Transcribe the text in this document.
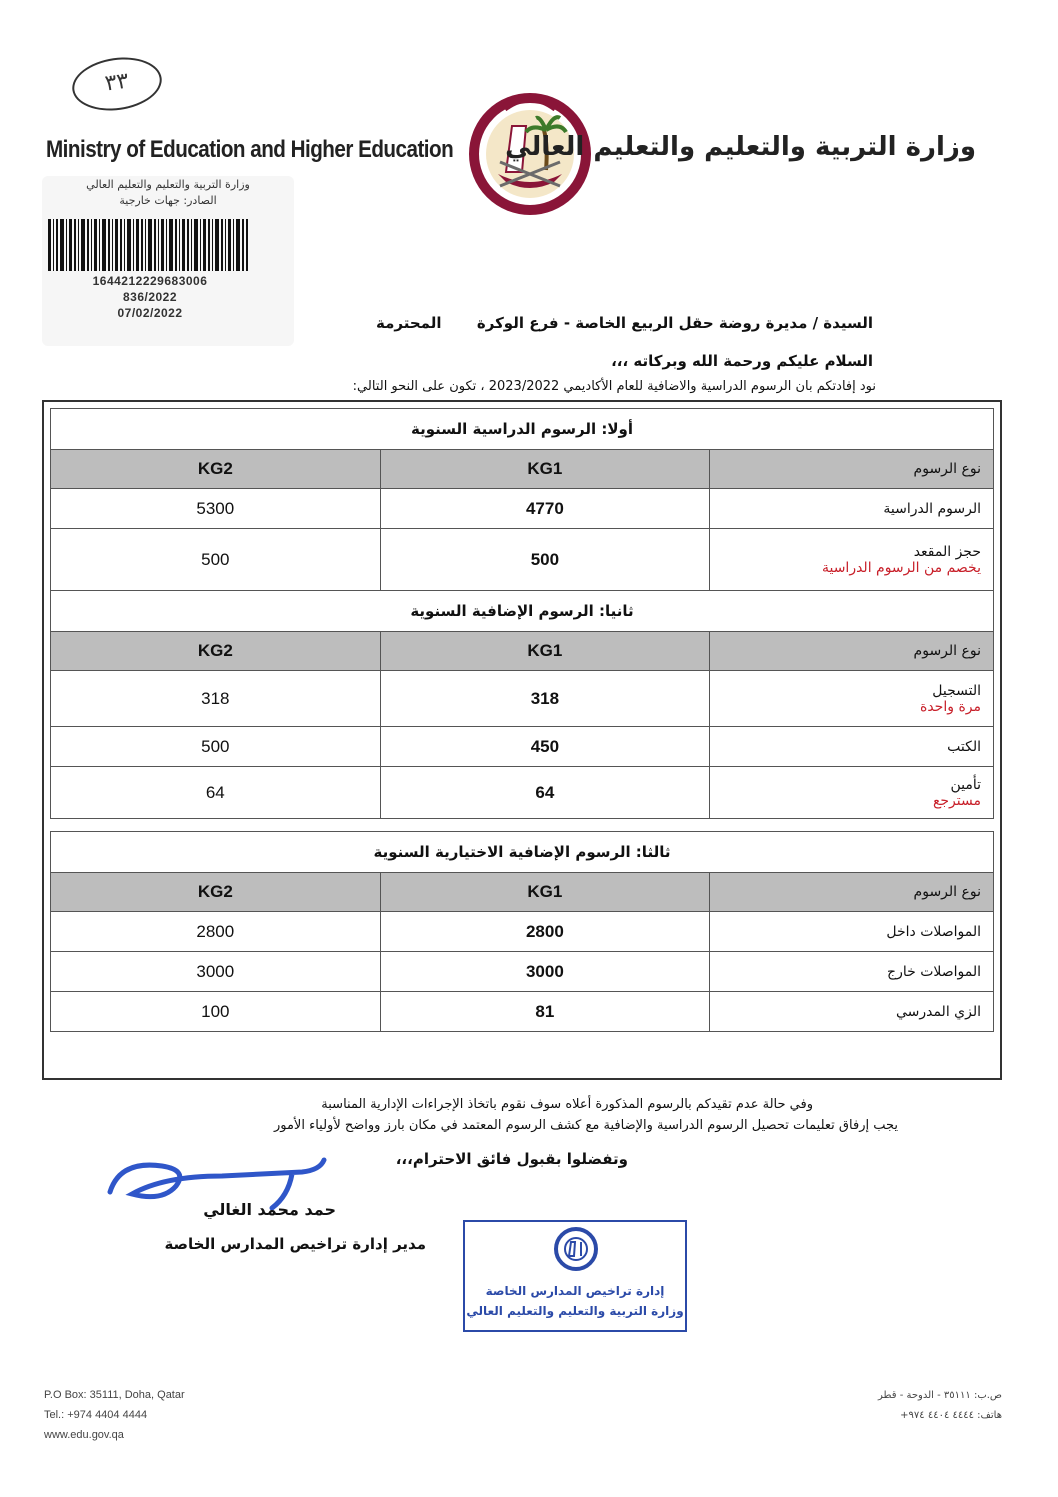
٣٣
Ministry of Education and Higher Education وزارة التربية والتعليم والتعليم العالي
وزارة التربية والتعليم والتعليم العالي
الصادر: جهات خارجية
1644212229683006
836/2022
07/02/2022
السيدة / مديرة روضة حقل الربيع الخاصة - فرع الوكرة
المحترمة
السلام عليكم ورحمة الله وبركاته ،،،
نود إفادتكم بان الرسوم الدراسية والاضافية للعام الأكاديمي 2023/2022 ، تكون على النحو التالي:
أولا: الرسوم الدراسية السنوية		
نوع الرسوم	KG1	KG2
الرسوم الدراسية	4770	5300
حجز المقعد
يخصم من الرسوم الدراسية	500	500
ثانيا: الرسوم الإضافية السنوية		
نوع الرسوم	KG1	KG2
التسجيل
مرة واحدة	318	318
الكتب	450	500
تأمين
مسترجع	64	64

ثالثا: الرسوم الإضافية الاختيارية السنوية		
نوع الرسوم	KG1	KG2
المواصلات داخل	2800	2800
المواصلات خارج	3000	3000
الزي المدرسي	81	100

وفي حالة عدم تقيدكم بالرسوم المذكورة أعلاه سوف نقوم باتخاذ الإجراءات الإدارية المناسبة
يجب إرفاق تعليمات تحصيل الرسوم الدراسية والإضافية مع كشف الرسوم المعتمد في مكان بارز وواضح لأولياء الأمور
وتفضلوا بقبول فائق الاحترام،،،
حمد محمد الغالي
مدير إدارة تراخيص المدارس الخاصة
إدارة تراخيص المدارس الخاصة
وزارة التربية والتعليم والتعليم العالي
P.O Box: 35111, Doha, Qatar
Tel.: +974 4404 4444
www.edu.gov.qa
ص.ب: ٣٥١١١ - الدوحة - قطر
هاتف: ٤٤٤٤ ٤٤٠٤ ٩٧٤+
